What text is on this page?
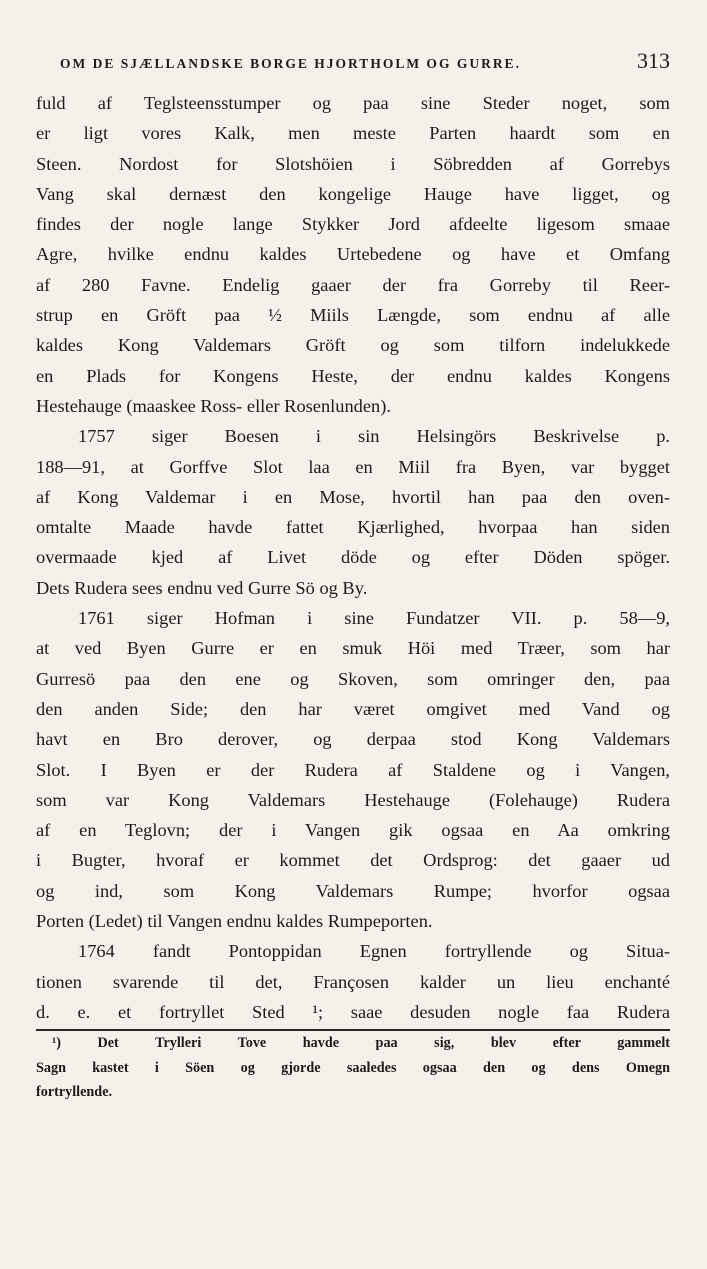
OM DE SJÆLLANDSKE BORGE HJORTHOLM OG GURRE.	313
fuld af Teglsteensstumper og paa sine Steder noget, som
er ligt vores Kalk, men meste Parten haardt som en
Steen. Nordost for Slotshöien i Söbredden af Gorrebys
Vang skal dernæst den kongelige Hauge have ligget, og
findes der nogle lange Stykker Jord afdeelte ligesom smaae
Agre, hvilke endnu kaldes Urtebedene og have et Omfang
af 280 Favne. Endelig gaaer der fra Gorreby til Reer-
strup en Gröft paa ½ Miils Længde, som endnu af alle
kaldes Kong Valdemars Gröft og som tilforn indelukkede
en Plads for Kongens Heste, der endnu kaldes Kongens
Hestehauge (maaskee Ross- eller Rosenlunden).
1757 siger Boesen i sin Helsingörs Beskrivelse p.
188—91, at Gorffve Slot laa en Miil fra Byen, var bygget
af Kong Valdemar i en Mose, hvortil han paa den oven-
omtalte Maade havde fattet Kjærlighed, hvorpaa han siden
overmaade kjed af Livet döde og efter Döden spöger.
Dets Rudera sees endnu ved Gurre Sö og By.
1761 siger Hofman i sine Fundatzer VII. p. 58—9,
at ved Byen Gurre er en smuk Höi med Træer, som har
Gurresö paa den ene og Skoven, som omringer den, paa
den anden Side; den har været omgivet med Vand og
havt en Bro derover, og derpaa stod Kong Valdemars
Slot. I Byen er der Rudera af Staldene og i Vangen,
som var Kong Valdemars Hestehauge (Folehauge) Rudera
af en Teglovn; der i Vangen gik ogsaa en Aa omkring
i Bugter, hvoraf er kommet det Ordsprog: det gaaer ud
og ind, som Kong Valdemars Rumpe; hvorfor ogsaa
Porten (Ledet) til Vangen endnu kaldes Rumpeporten.
1764 fandt Pontoppidan Egnen fortryllende og Situa-
tionen svarende til det, Françosen kalder un lieu enchanté
d. e. et fortryllet Sted ¹; saae desuden nogle faa Rudera
¹) Det Trylleri Tove havde paa sig, blev efter gammelt
Sagn kastet i Söen og gjorde saaledes ogsaa den og dens Omegn
fortryllende.
